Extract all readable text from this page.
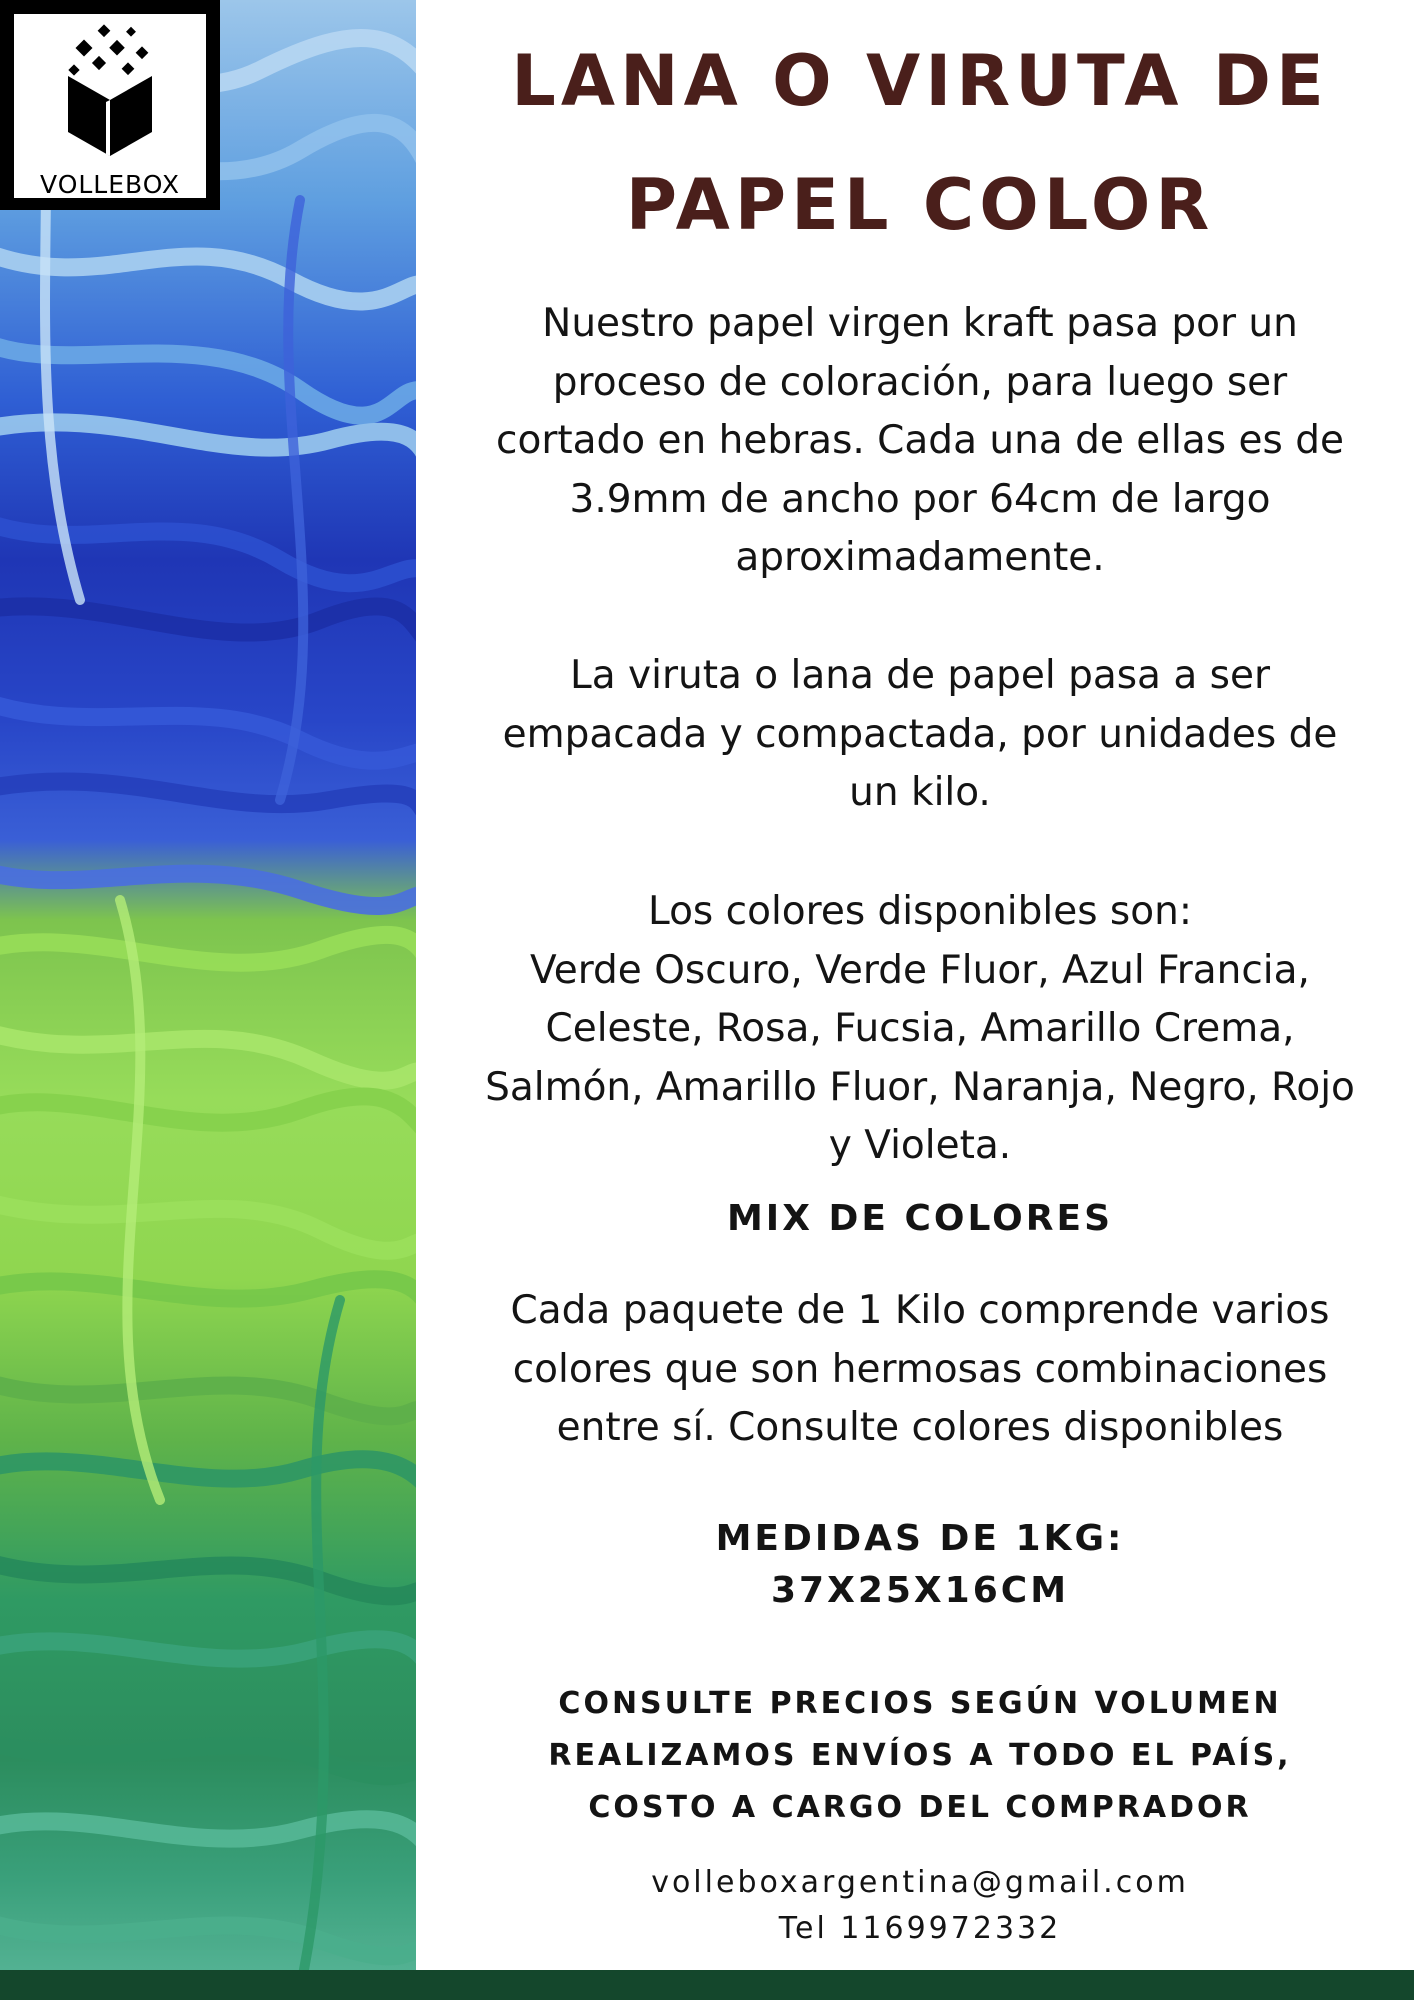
VOLLEBOX
LANA O VIRUTA DE
PAPEL COLOR
Nuestro papel virgen kraft pasa por un
proceso de coloración, para luego ser
cortado en hebras. Cada una de ellas es de
3.9mm de ancho por 64cm de largo
aproximadamente.
La viruta o lana de papel pasa a ser
empacada y compactada, por unidades de
un kilo.
Los colores disponibles son:
Verde Oscuro, Verde Fluor, Azul Francia,
Celeste, Rosa, Fucsia, Amarillo Crema,
Salmón, Amarillo Fluor, Naranja, Negro, Rojo
y Violeta.
MIX DE COLORES
Cada paquete de 1 Kilo comprende varios
colores que son hermosas combinaciones
entre sí. Consulte colores disponibles
MEDIDAS DE 1KG:
37X25X16CM
CONSULTE PRECIOS SEGÚN VOLUMEN
REALIZAMOS ENVÍOS A TODO EL PAÍS,
COSTO A CARGO DEL COMPRADOR
volleboxargentina@gmail.com
Tel 1169972332
